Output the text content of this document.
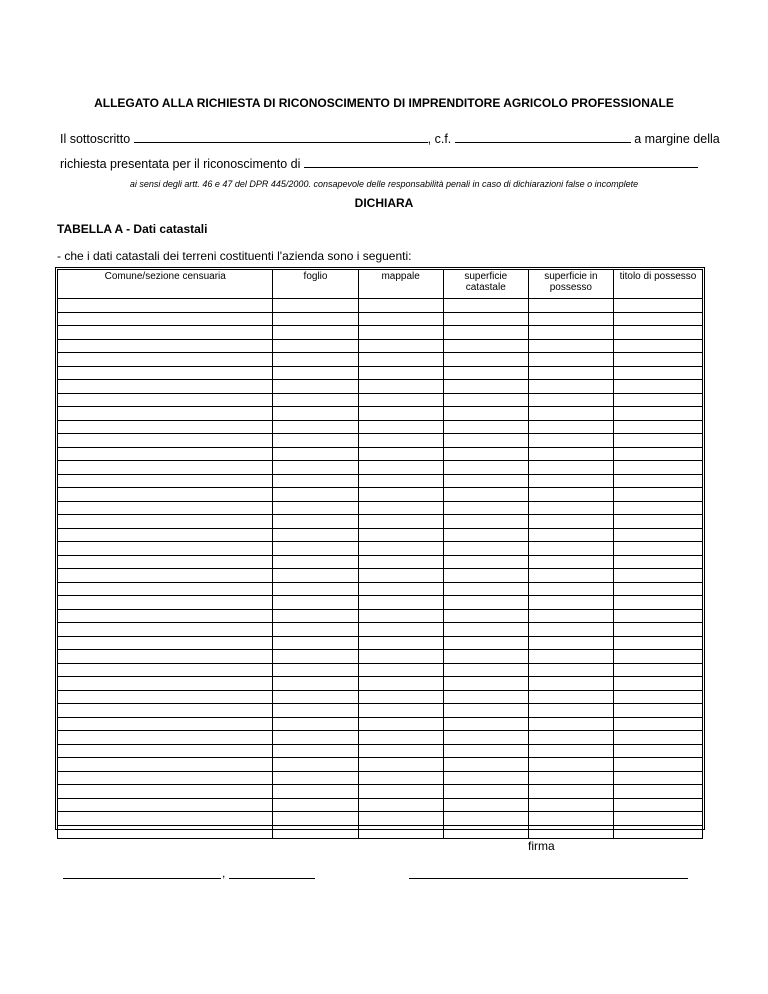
ALLEGATO ALLA RICHIESTA DI RICONOSCIMENTO DI IMPRENDITORE AGRICOLO PROFESSIONALE
Il sottoscritto	, c.f.	a margine della
richiesta presentata per il riconoscimento di
ai sensi degli artt. 46 e 47 del DPR 445/2000. consapevole delle responsabilità penali in caso di dichiarazioni false o incomplete
DICHIARA
TABELLA A - Dati catastali
- che i dati catastali dei terreni costituenti l'azienda sono i seguenti:
Comune/sezione censuaria	foglio	mappale	superficie catastale	superficie in possesso	titolo di possesso

firma
,
